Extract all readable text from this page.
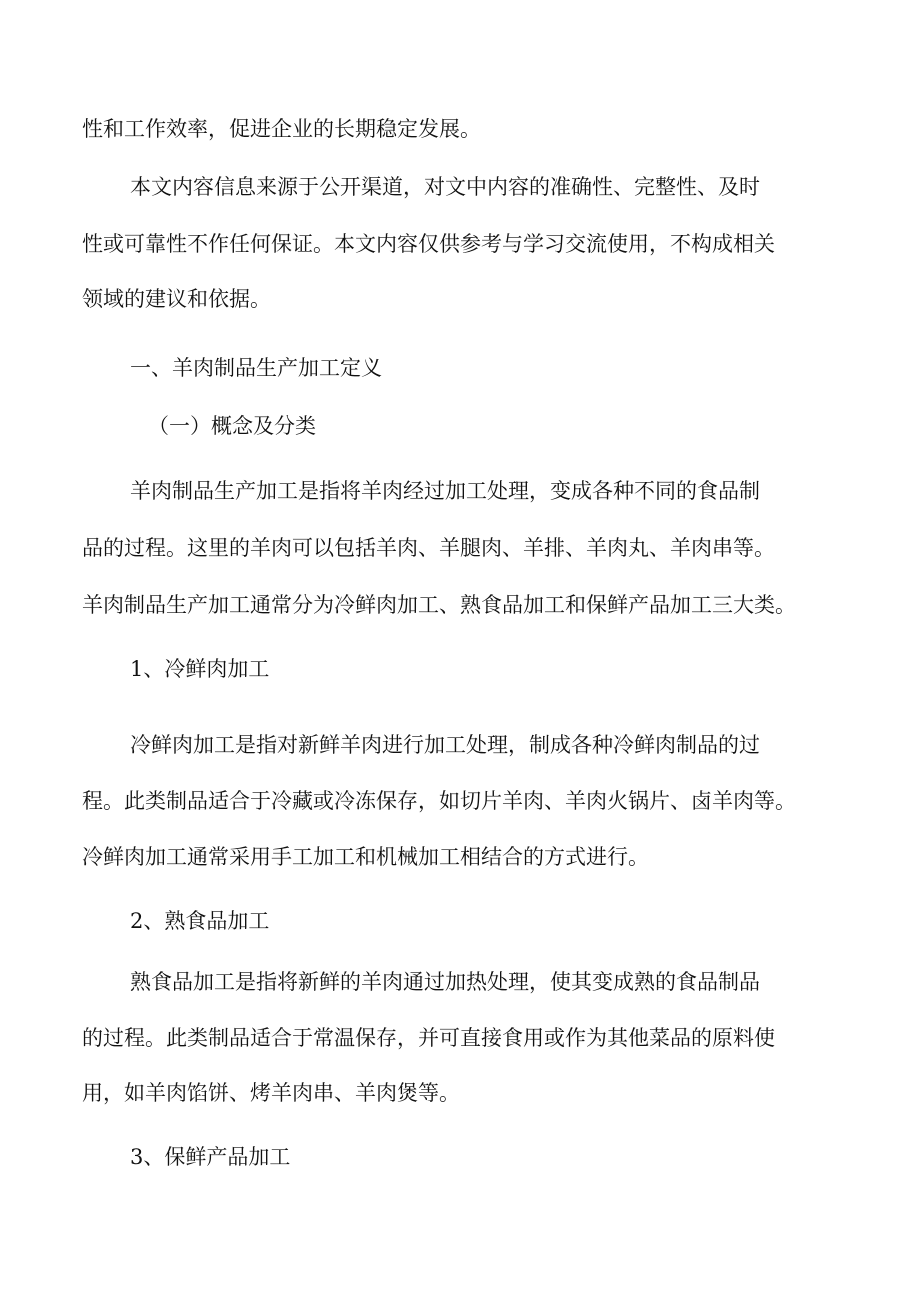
性和工作效率，促进企业的长期稳定发展。
本文内容信息来源于公开渠道，对文中内容的准确性、完整性、及时
性或可靠性不作任何保证。本文内容仅供参考与学习交流使用，不构成相关
领域的建议和依据。
一、羊肉制品生产加工定义
（一）概念及分类
羊肉制品生产加工是指将羊肉经过加工处理，变成各种不同的食品制
品的过程。这里的羊肉可以包括羊肉、羊腿肉、羊排、羊肉丸、羊肉串等。
羊肉制品生产加工通常分为冷鲜肉加工、熟食品加工和保鲜产品加工三大类。
1、冷鲜肉加工
冷鲜肉加工是指对新鲜羊肉进行加工处理，制成各种冷鲜肉制品的过
程。此类制品适合于冷藏或冷冻保存，如切片羊肉、羊肉火锅片、卤羊肉等。
冷鲜肉加工通常采用手工加工和机械加工相结合的方式进行。
2、熟食品加工
熟食品加工是指将新鲜的羊肉通过加热处理，使其变成熟的食品制品
的过程。此类制品适合于常温保存，并可直接食用或作为其他菜品的原料使
用，如羊肉馅饼、烤羊肉串、羊肉煲等。
3、保鲜产品加工
